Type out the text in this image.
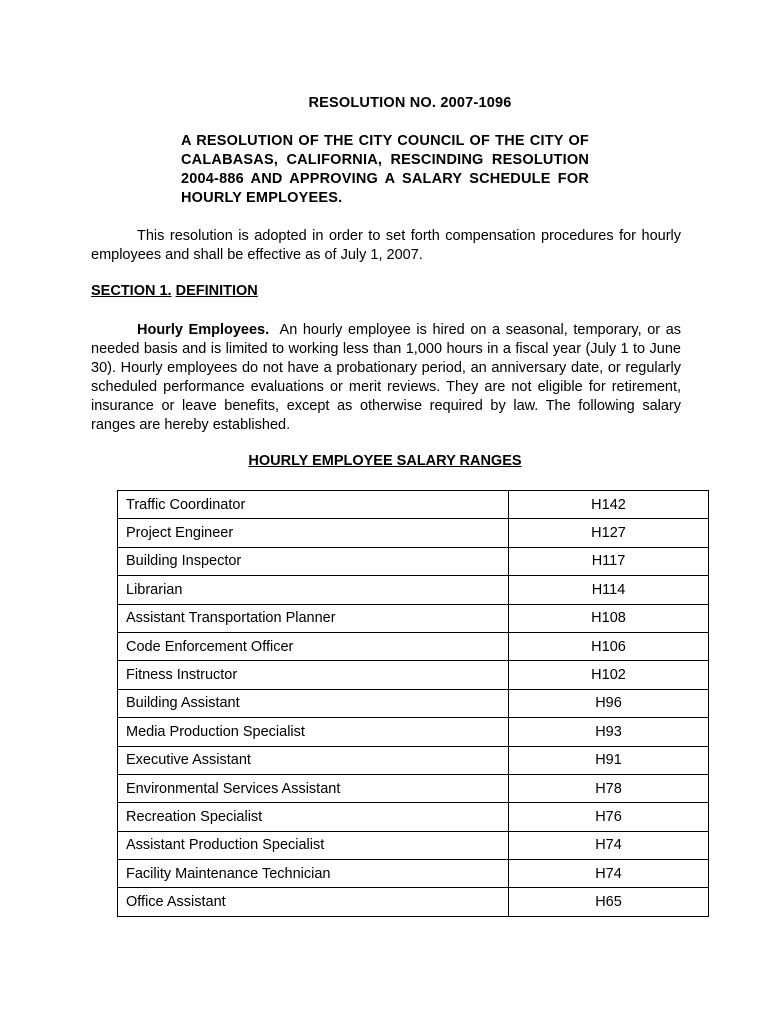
RESOLUTION NO. 2007-1096
A RESOLUTION OF THE CITY COUNCIL OF THE CITY OF CALABASAS, CALIFORNIA, RESCINDING RESOLUTION 2004-886 AND APPROVING A SALARY SCHEDULE FOR HOURLY EMPLOYEES.
This resolution is adopted in order to set forth compensation procedures for hourly employees and shall be effective as of July 1, 2007.
SECTION 1. DEFINITION
Hourly Employees. An hourly employee is hired on a seasonal, temporary, or as needed basis and is limited to working less than 1,000 hours in a fiscal year (July 1 to June 30). Hourly employees do not have a probationary period, an anniversary date, or regularly scheduled performance evaluations or merit reviews. They are not eligible for retirement, insurance or leave benefits, except as otherwise required by law. The following salary ranges are hereby established.
HOURLY EMPLOYEE SALARY RANGES
Traffic Coordinator	H142
Project Engineer	H127
Building Inspector	H117
Librarian	H114
Assistant Transportation Planner	H108
Code Enforcement Officer	H106
Fitness Instructor	H102
Building Assistant	H96
Media Production Specialist	H93
Executive Assistant	H91
Environmental Services Assistant	H78
Recreation Specialist	H76
Assistant Production Specialist	H74
Facility Maintenance Technician	H74
Office Assistant	H65
